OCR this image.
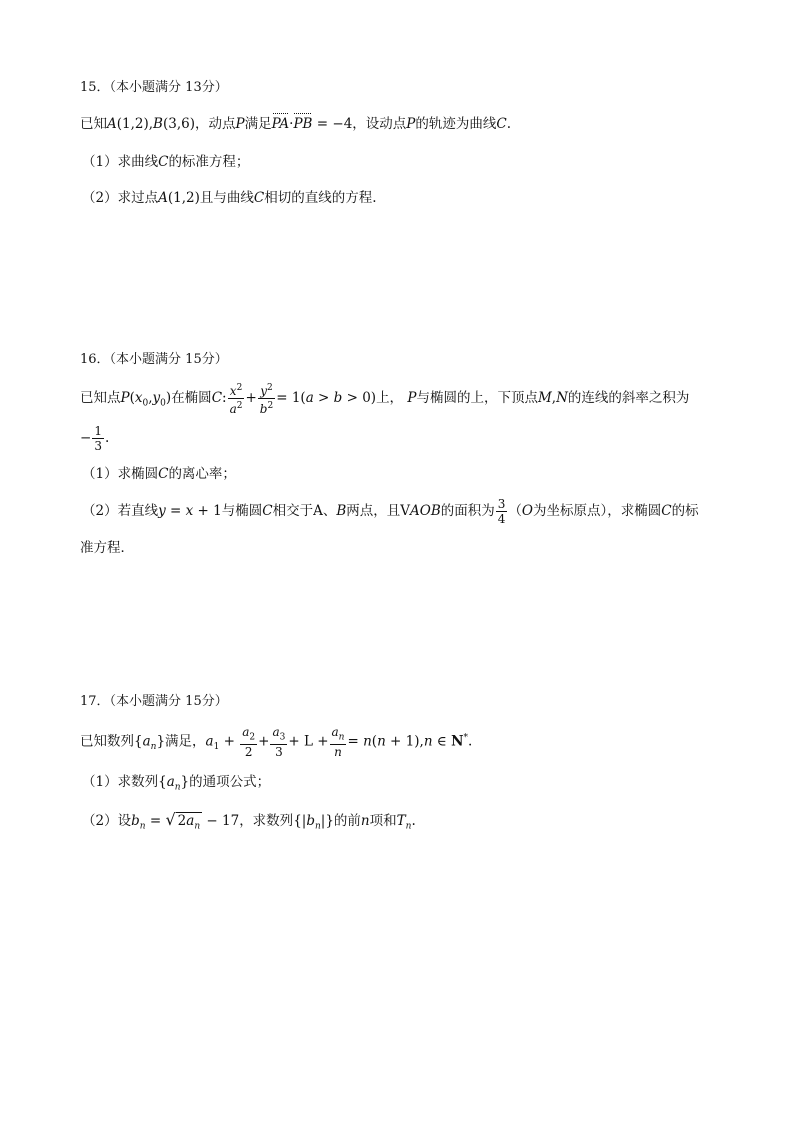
15．（本小题满分 13分）
已知A(1,2),B(3,6)，动点P满足PA·PB = −4，设动点P的轨迹为曲线C.
（1）求曲线C的标准方程；
（2）求过点A(1,2)且与曲线C相切的直线的方程.
16．（本小题满分 15分）
已知点$P(x_0,y_0)$在椭圆C: $\frac{x^2}{a^2} + \frac{y^2}{b^2} = 1(a > b > 0)$上， P与椭圆的上，下顶点M,N的连线的斜率之积为
− $\frac{1}{3}$ .
（1）求椭圆C的离心率；
（2）若直线y = x + 1与椭圆C相交于A、B两点，且VAOB的面积为 $\frac{3}{4} (O$为坐标原点），求椭圆C的标
准方程．
17．（本小题满分 15分）
已知数列$\{a_n\}$满足，$a_1 + \frac{a_2}{2} + \frac{a_3}{3} + L + \frac{a_n}{n} = n(n + 1),n$ ∈ N*.
（1）求数列$\{a_n\}$的通项公式；
（2）设$b_n$ = √ $2a_n - 17$，求数列$\{|b_n|\}$的前n项和$T_n$.
